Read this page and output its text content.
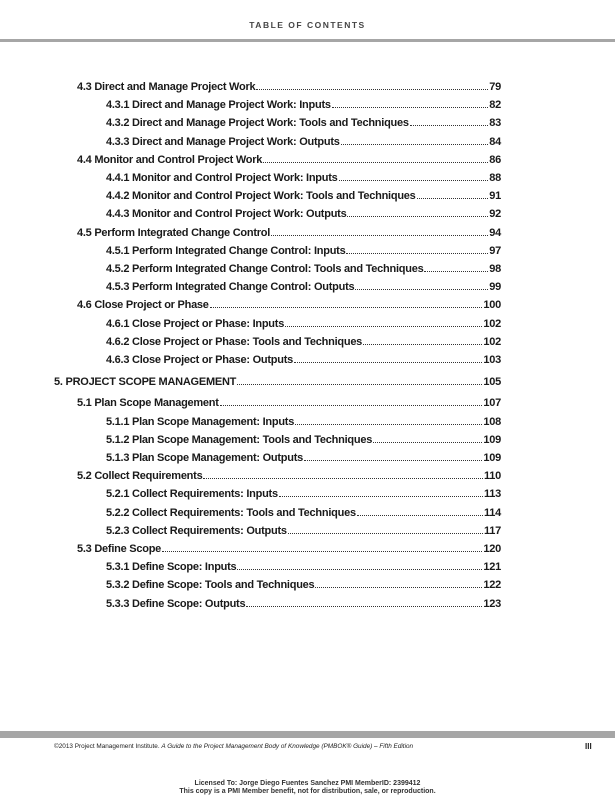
TABLE OF CONTENTS
4.3 Direct and Manage Project Work	79
4.3.1 Direct and Manage Project Work: Inputs	82
4.3.2 Direct and Manage Project Work: Tools and Techniques	83
4.3.3 Direct and Manage Project Work: Outputs	84
4.4 Monitor and Control Project Work	86
4.4.1 Monitor and Control Project Work: Inputs	88
4.4.2 Monitor and Control Project Work: Tools and Techniques	91
4.4.3 Monitor and Control Project Work: Outputs	92
4.5 Perform Integrated Change Control	94
4.5.1 Perform Integrated Change Control: Inputs	97
4.5.2 Perform Integrated Change Control: Tools and Techniques	98
4.5.3 Perform Integrated Change Control: Outputs	99
4.6 Close Project or Phase	100
4.6.1 Close Project or Phase: Inputs	102
4.6.2 Close Project or Phase: Tools and Techniques	102
4.6.3 Close Project or Phase: Outputs	103
5. PROJECT SCOPE MANAGEMENT	105
5.1 Plan Scope Management	107
5.1.1 Plan Scope Management: Inputs	108
5.1.2 Plan Scope Management: Tools and Techniques	109
5.1.3 Plan Scope Management: Outputs	109
5.2 Collect Requirements	110
5.2.1 Collect Requirements: Inputs	113
5.2.2 Collect Requirements: Tools and Techniques	114
5.2.3 Collect Requirements: Outputs	117
5.3 Define Scope	120
5.3.1 Define Scope: Inputs	121
5.3.2 Define Scope: Tools and Techniques	122
5.3.3 Define Scope: Outputs	123
©2013 Project Management Institute. A Guide to the Project Management Body of Knowledge (PMBOK® Guide) – Fifth Edition	III
Licensed To: Jorge Diego Fuentes Sanchez PMI MemberID: 2399412
This copy is a PMI Member benefit, not for distribution, sale, or reproduction.
